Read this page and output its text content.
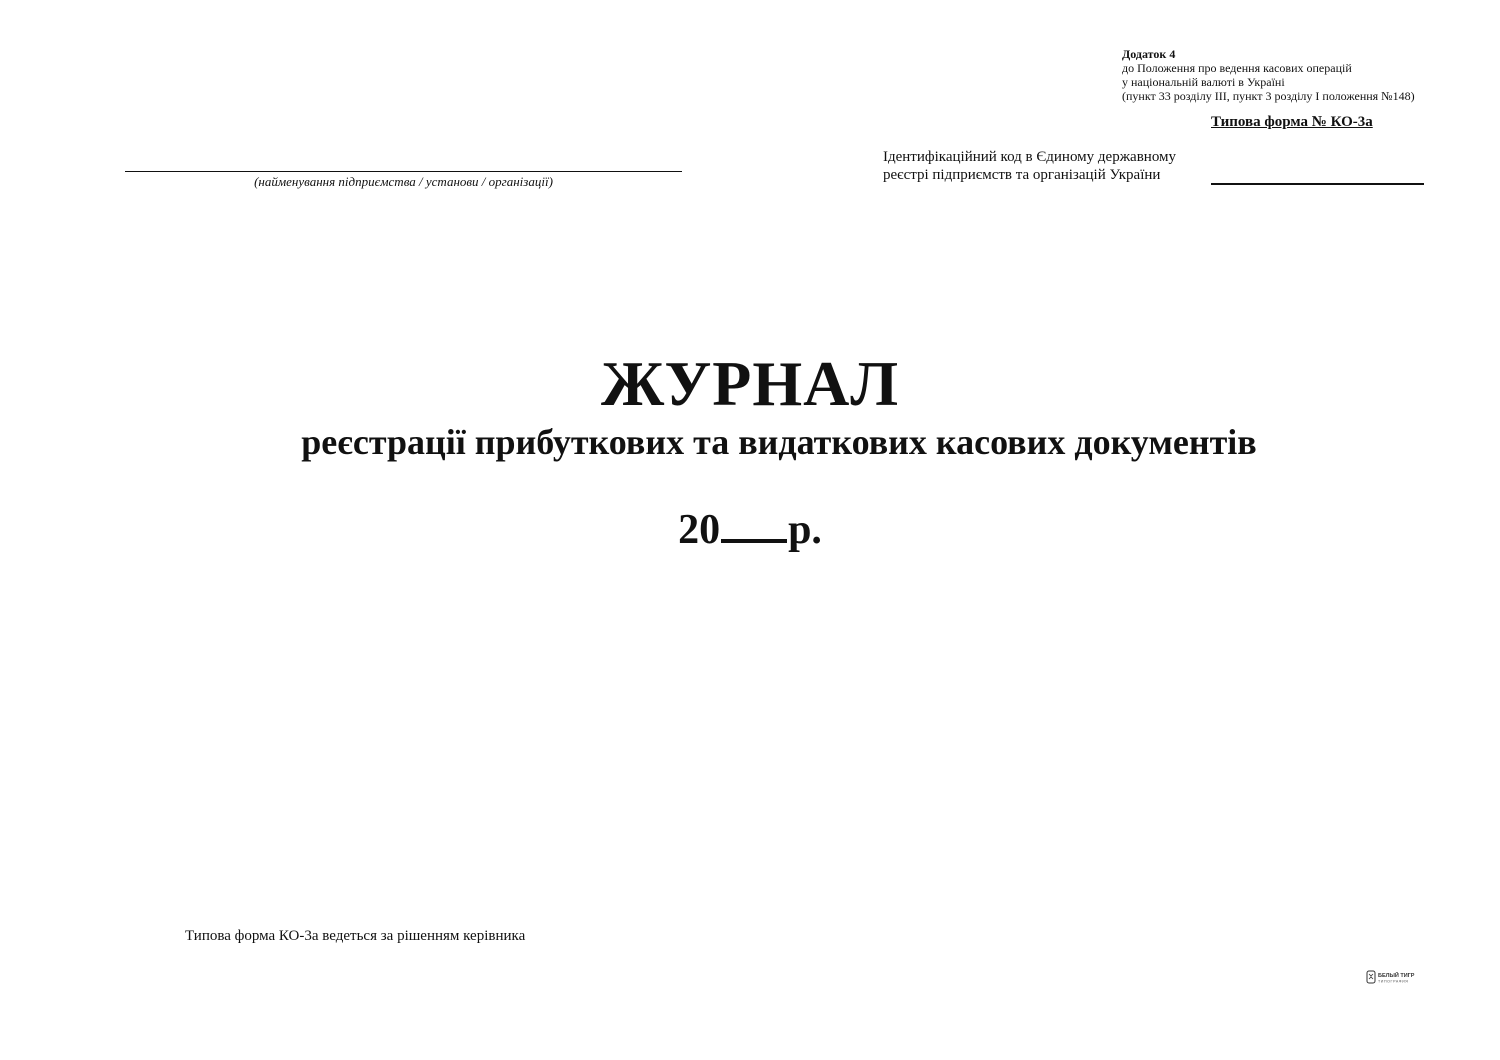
Додаток 4
до Положення про ведення касових операцій
у національній валюті в Україні
(пункт 33 розділу III, пункт 3 розділу I положення №148)
Типова форма № КО-3а
(найменування підприємства / установи / організації)
Ідентифікаційний код в Єдиному державному
реєстрі підприємств та організацій України
ЖУРНАЛ
реєстрації прибуткових та видаткових касових документів
20 р.
Типова форма КО-3а ведеться за рішенням керівника
БЕЛЫЙ ТИГР
ТИПОГРАФИЯ
